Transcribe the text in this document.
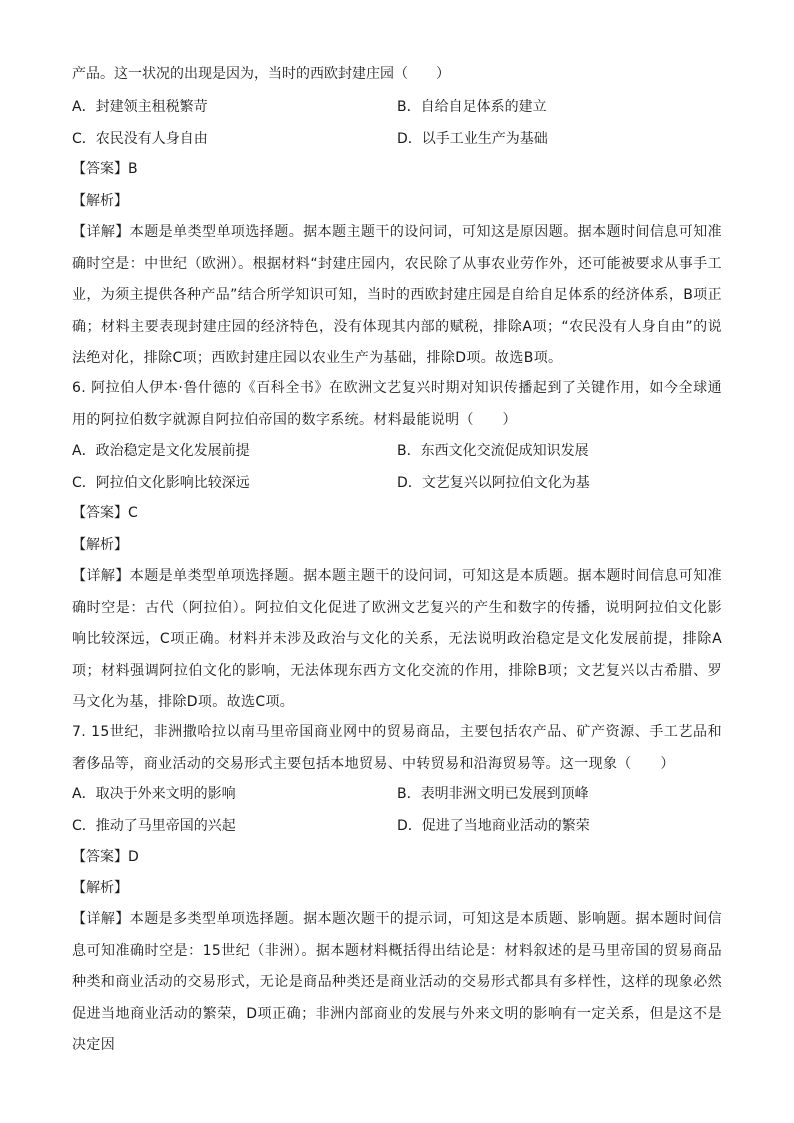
产品。这一状况的出现是因为，当时的西欧封建庄园（　　）
A．封建领主租税繁苛	B．自给自足体系的建立
C．农民没有人身自由	D．以手工业生产为基础
【答案】B
【解析】
【详解】本题是单类型单项选择题。据本题主题干的设问词，可知这是原因题。据本题时间信息可知准确时空是：中世纪（欧洲）。根据材料“封建庄园内，农民除了从事农业劳作外，还可能被要求从事手工业，为须主提供各种产品”结合所学知识可知，当时的西欧封建庄园是自给自足体系的经济体系，B项正确；材料主要表现封建庄园的经济特色，没有体现其内部的赋税，排除A项；“农民没有人身自由”的说法绝对化，排除C项；西欧封建庄园以农业生产为基础，排除D项。故选B项。
6. 阿拉伯人伊本·鲁什德的《百科全书》在欧洲文艺复兴时期对知识传播起到了关键作用，如今全球通用的阿拉伯数字就源自阿拉伯帝国的数字系统。材料最能说明（　　）
A．政治稳定是文化发展前提	B．东西文化交流促成知识发展
C．阿拉伯文化影响比较深远	D．文艺复兴以阿拉伯文化为基
【答案】C
【解析】
【详解】本题是单类型单项选择题。据本题主题干的设问词，可知这是本质题。据本题时间信息可知准确时空是：古代（阿拉伯）。阿拉伯文化促进了欧洲文艺复兴的产生和数字的传播，说明阿拉伯文化影响比较深远，C项正确。材料并未涉及政治与文化的关系，无法说明政治稳定是文化发展前提，排除A项；材料强调阿拉伯文化的影响，无法体现东西方文化交流的作用，排除B项；文艺复兴以古希腊、罗马文化为基，排除D项。故选C项。
7. 15世纪，非洲撒哈拉以南马里帝国商业网中的贸易商品，主要包括农产品、矿产资源、手工艺品和奢侈品等，商业活动的交易形式主要包括本地贸易、中转贸易和沿海贸易等。这一现象（　　）
A．取决于外来文明的影响	B．表明非洲文明已发展到顶峰
C．推动了马里帝国的兴起	D．促进了当地商业活动的繁荣
【答案】D
【解析】
【详解】本题是多类型单项选择题。据本题次题干的提示词，可知这是本质题、影响题。据本题时间信息可知准确时空是：15世纪（非洲）。据本题材料概括得出结论是：材料叙述的是马里帝国的贸易商品种类和商业活动的交易形式，无论是商品种类还是商业活动的交易形式都具有多样性，这样的现象必然促进当地商业活动的繁荣，D项正确；非洲内部商业的发展与外来文明的影响有一定关系，但是这不是决定因
